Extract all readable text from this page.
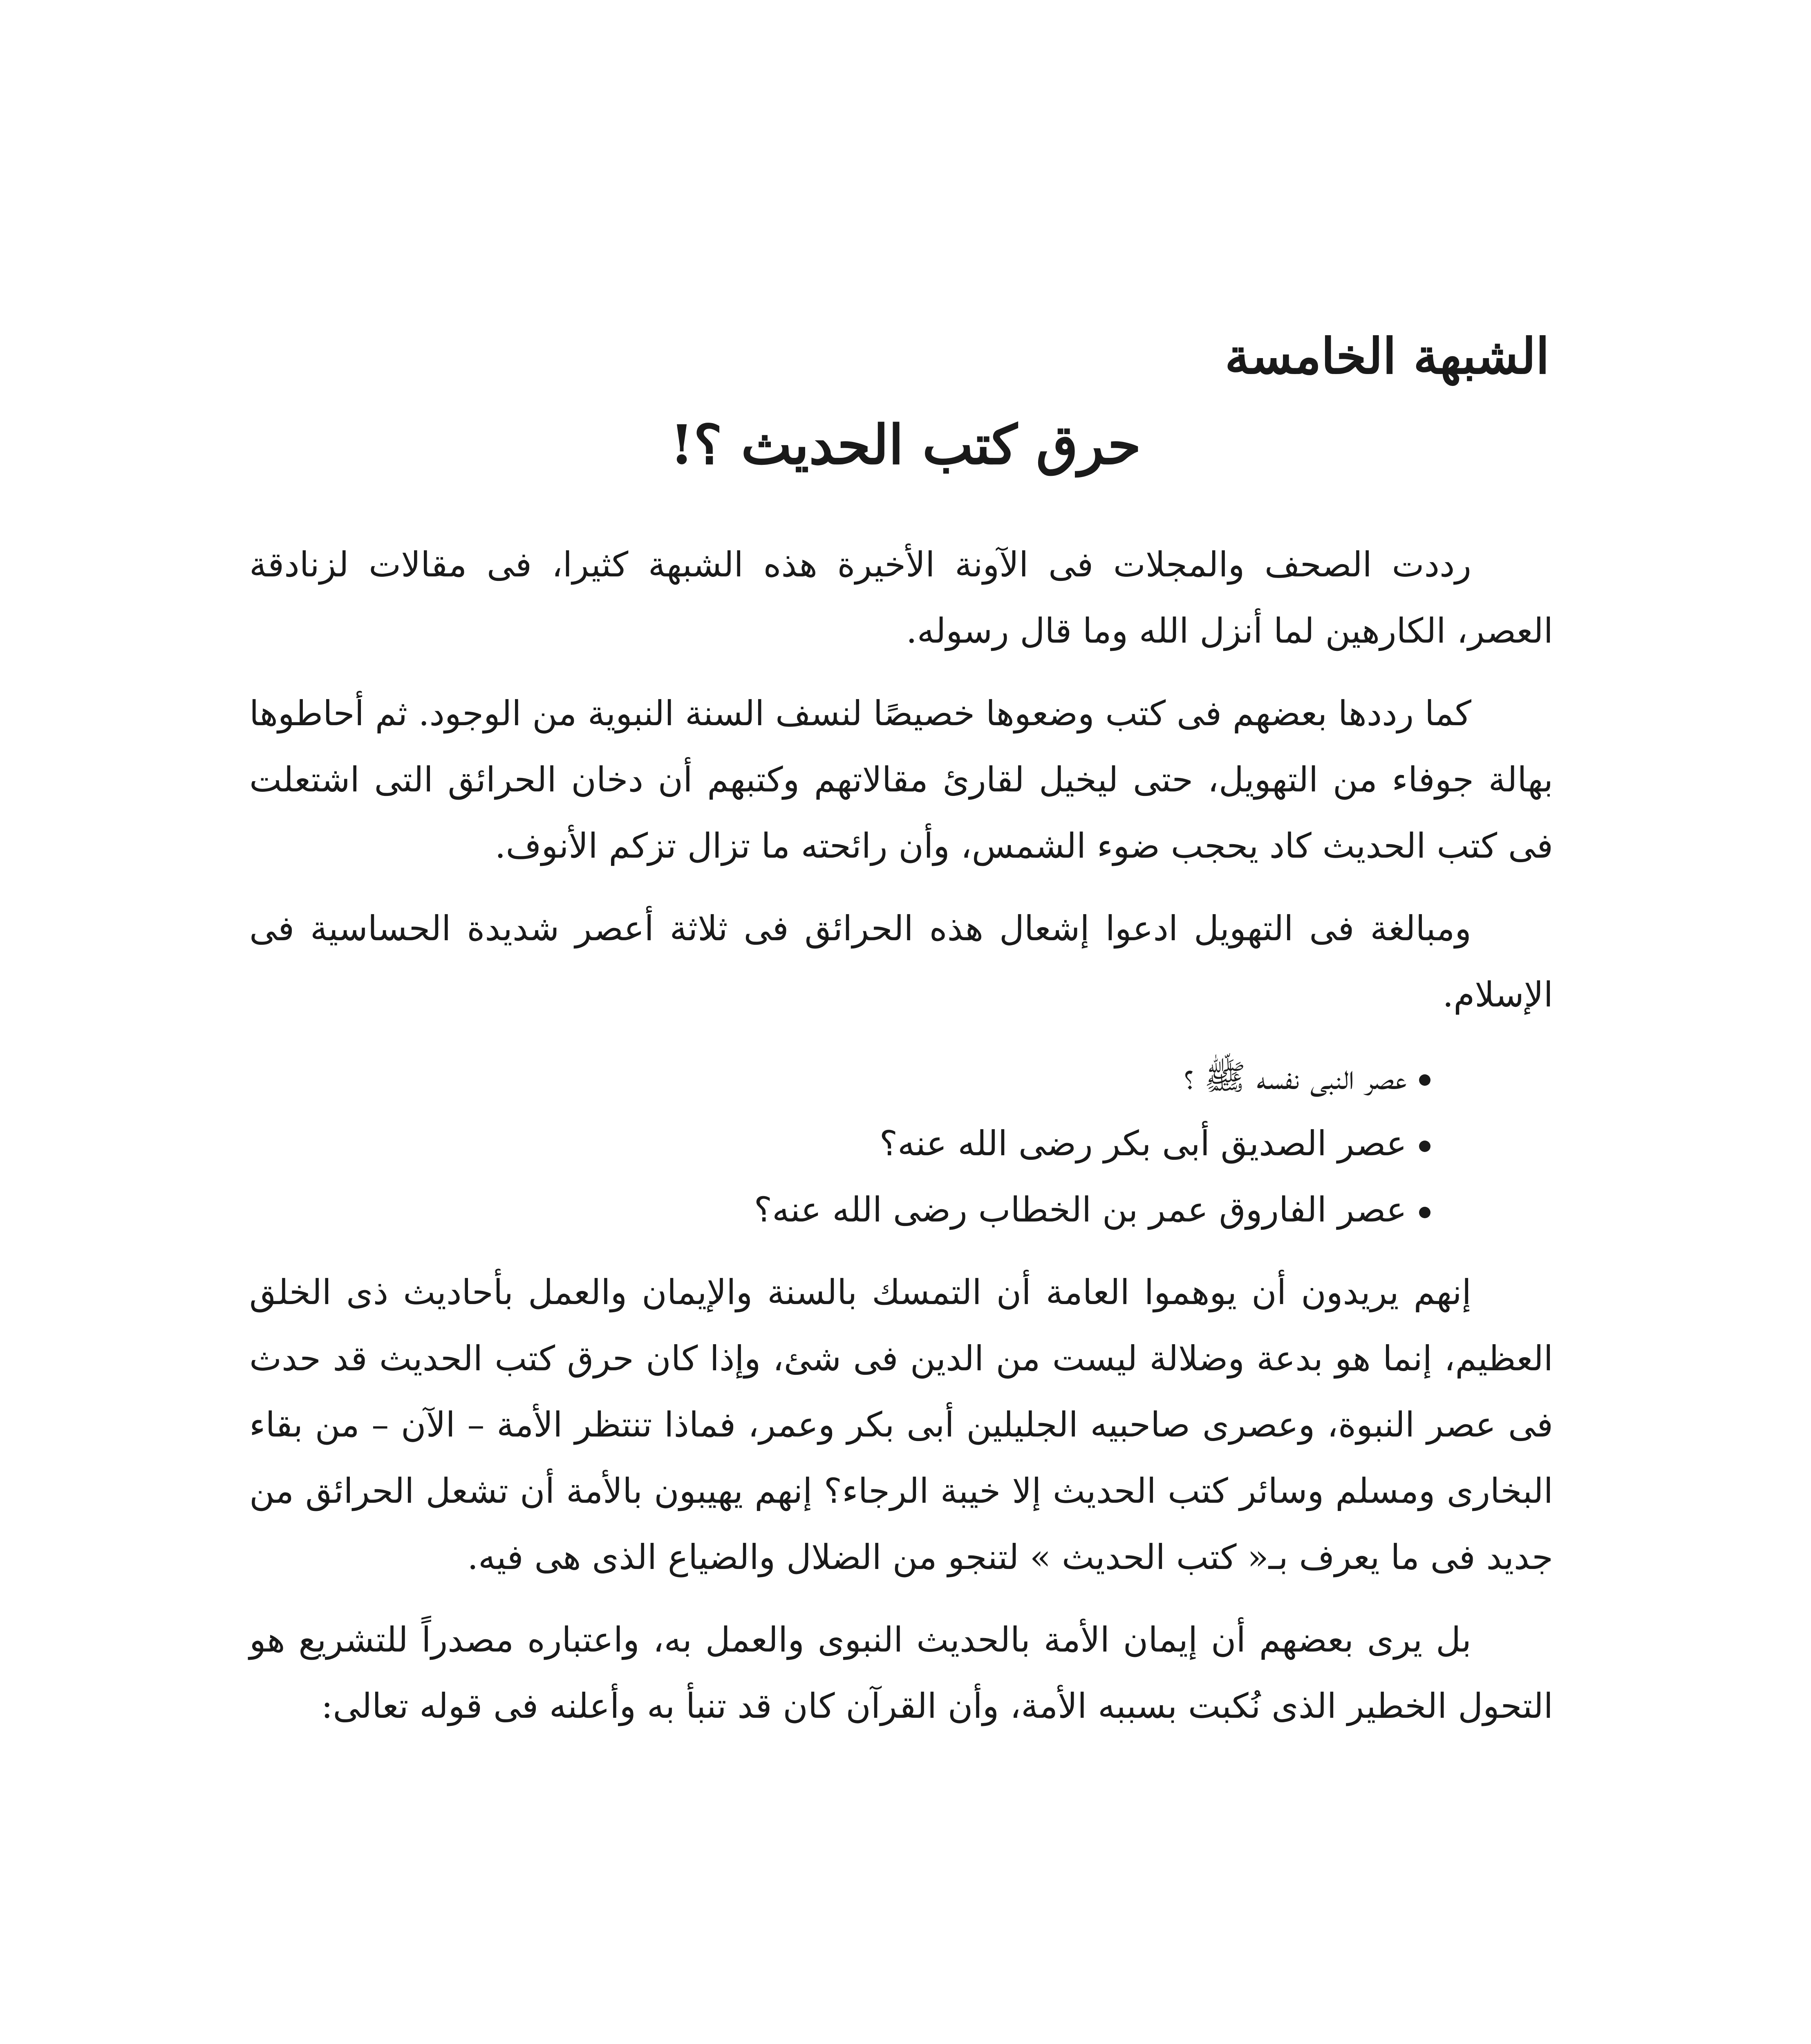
الشبهة الخامسة
حرق كتب الحديث ؟!

رددت الصحف والمجلات فى الآونة الأخيرة هذه الشبهة كثيرا، فى مقالات لزنادقة العصر، الكارهين لما أنزل الله وما قال رسوله.

كما رددها بعضهم فى كتب وضعوها خصيصًا لنسف السنة النبوية من الوجود. ثم أحاطوها بهالة جوفاء من التهويل، حتى ليخيل لقارئ مقالاتهم وكتبهم أن دخان الحرائق التى اشتعلت فى كتب الحديث كاد يحجب ضوء الشمس، وأن رائحته ما تزال تزكم الأنوف.

ومبالغة فى التهويل ادعوا إشعال هذه الحرائق فى ثلاثة أعصر شديدة الحساسية فى الإسلام.

عصر النبى نفسه ﷺ ؟
عصر الصديق أبى بكر رضى الله عنه؟
عصر الفاروق عمر بن الخطاب رضى الله عنه؟

إنهم يريدون أن يوهموا العامة أن التمسك بالسنة والإيمان والعمل بأحاديث ذى الخلق العظيم، إنما هو بدعة وضلالة ليست من الدين فى شئ، وإذا كان حرق كتب الحديث قد حدث فى عصر النبوة، وعصرى صاحبيه الجليلين أبى بكر وعمر، فماذا تنتظر الأمة – الآن – من بقاء البخارى ومسلم وسائر كتب الحديث إلا خيبة الرجاء؟ إنهم يهيبون بالأمة أن تشعل الحرائق من جديد فى ما يعرف بـ« كتب الحديث » لتنجو من الضلال والضياع الذى هى فيه.

بل يرى بعضهم أن إيمان الأمة بالحديث النبوى والعمل به، واعتباره مصدراً للتشريع هو التحول الخطير الذى نُكبت بسببه الأمة، وأن القرآن كان قد تنبأ به وأعلنه فى قوله تعالى:
